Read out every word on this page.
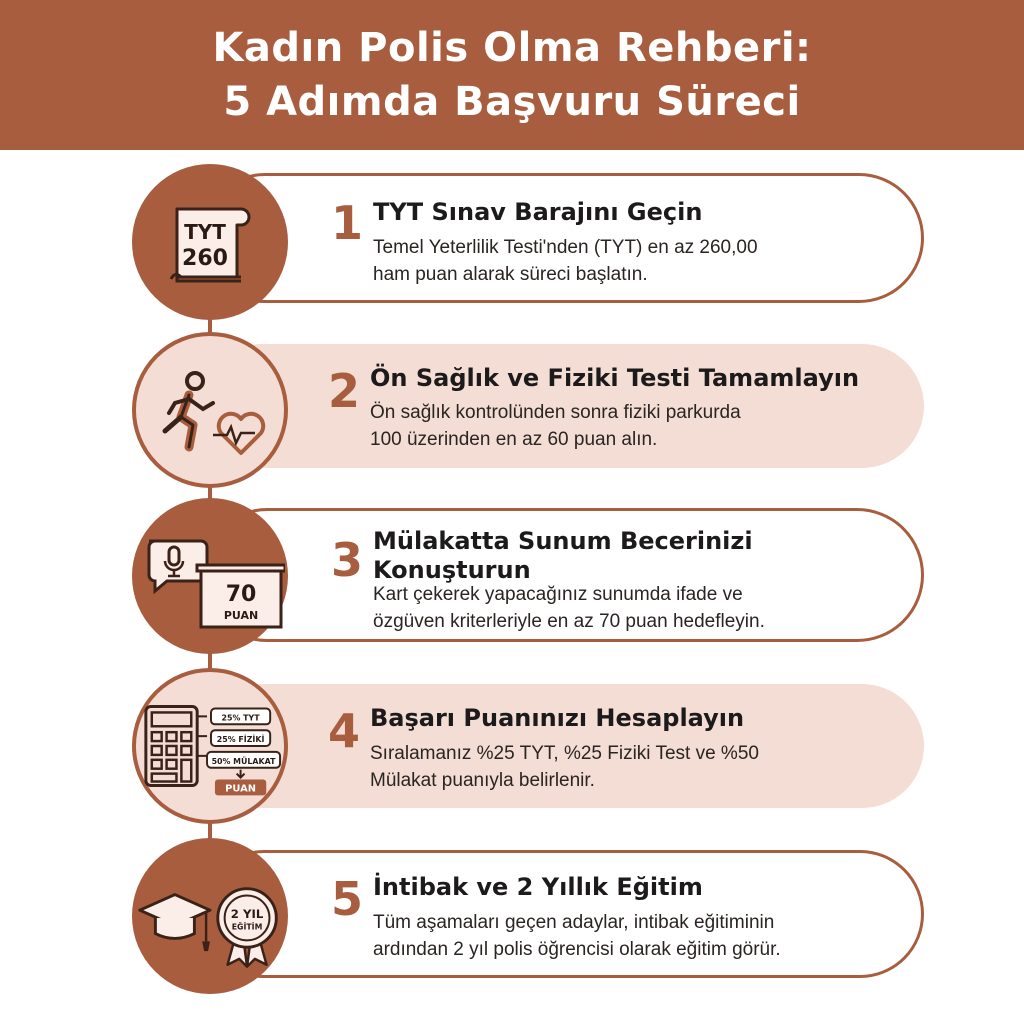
Kadın Polis Olma Rehberi:
5 Adımda Başvuru Süreci
1 TYT Sınav Barajını Geçin
Temel Yeterlilik Testi'nden (TYT) en az 260,00
ham puan alarak süreci başlatın.
TYT
260
2 Ön Sağlık ve Fiziki Testi Tamamlayın
Ön sağlık kontrolünden sonra fiziki parkurda
100 üzerinden en az 60 puan alın.
3 Mülakatta Sunum Becerinizi
Konuşturun
Kart çekerek yapacağınız sunumda ifade ve
özgüven kriterleriyle en az 70 puan hedefleyin.
70
PUAN
4 Başarı Puanınızı Hesaplayın
Sıralamanız %25 TYT, %25 Fiziki Test ve %50
Mülakat puanıyla belirlenir.
25% TYT
25% FİZİKİ
50% MÜLAKAT
PUAN
5 İntibak ve 2 Yıllık Eğitim
Tüm aşamaları geçen adaylar, intibak eğitiminin
ardından 2 yıl polis öğrencisi olarak eğitim görür.
2 YIL
EĞİTİM
